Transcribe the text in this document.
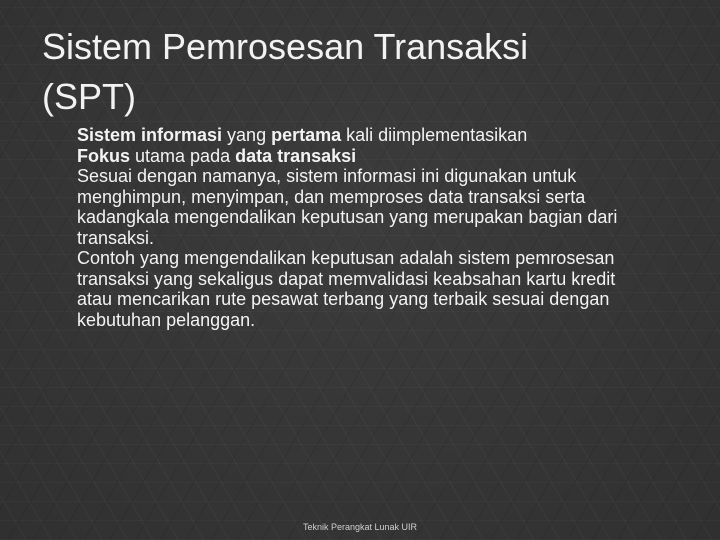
Sistem Pemrosesan Transaksi
(SPT)
Sistem informasi yang pertama kali diimplementasikan
Fokus utama pada data transaksi
Sesuai dengan namanya, sistem informasi ini digunakan untuk menghimpun, menyimpan, dan memproses data transaksi serta kadangkala mengendalikan keputusan yang merupakan bagian dari transaksi.
Contoh yang mengendalikan keputusan adalah sistem pemrosesan transaksi yang sekaligus dapat memvalidasi keabsahan kartu kredit atau mencarikan rute pesawat terbang yang terbaik sesuai dengan kebutuhan pelanggan.
Teknik Perangkat Lunak UIR
